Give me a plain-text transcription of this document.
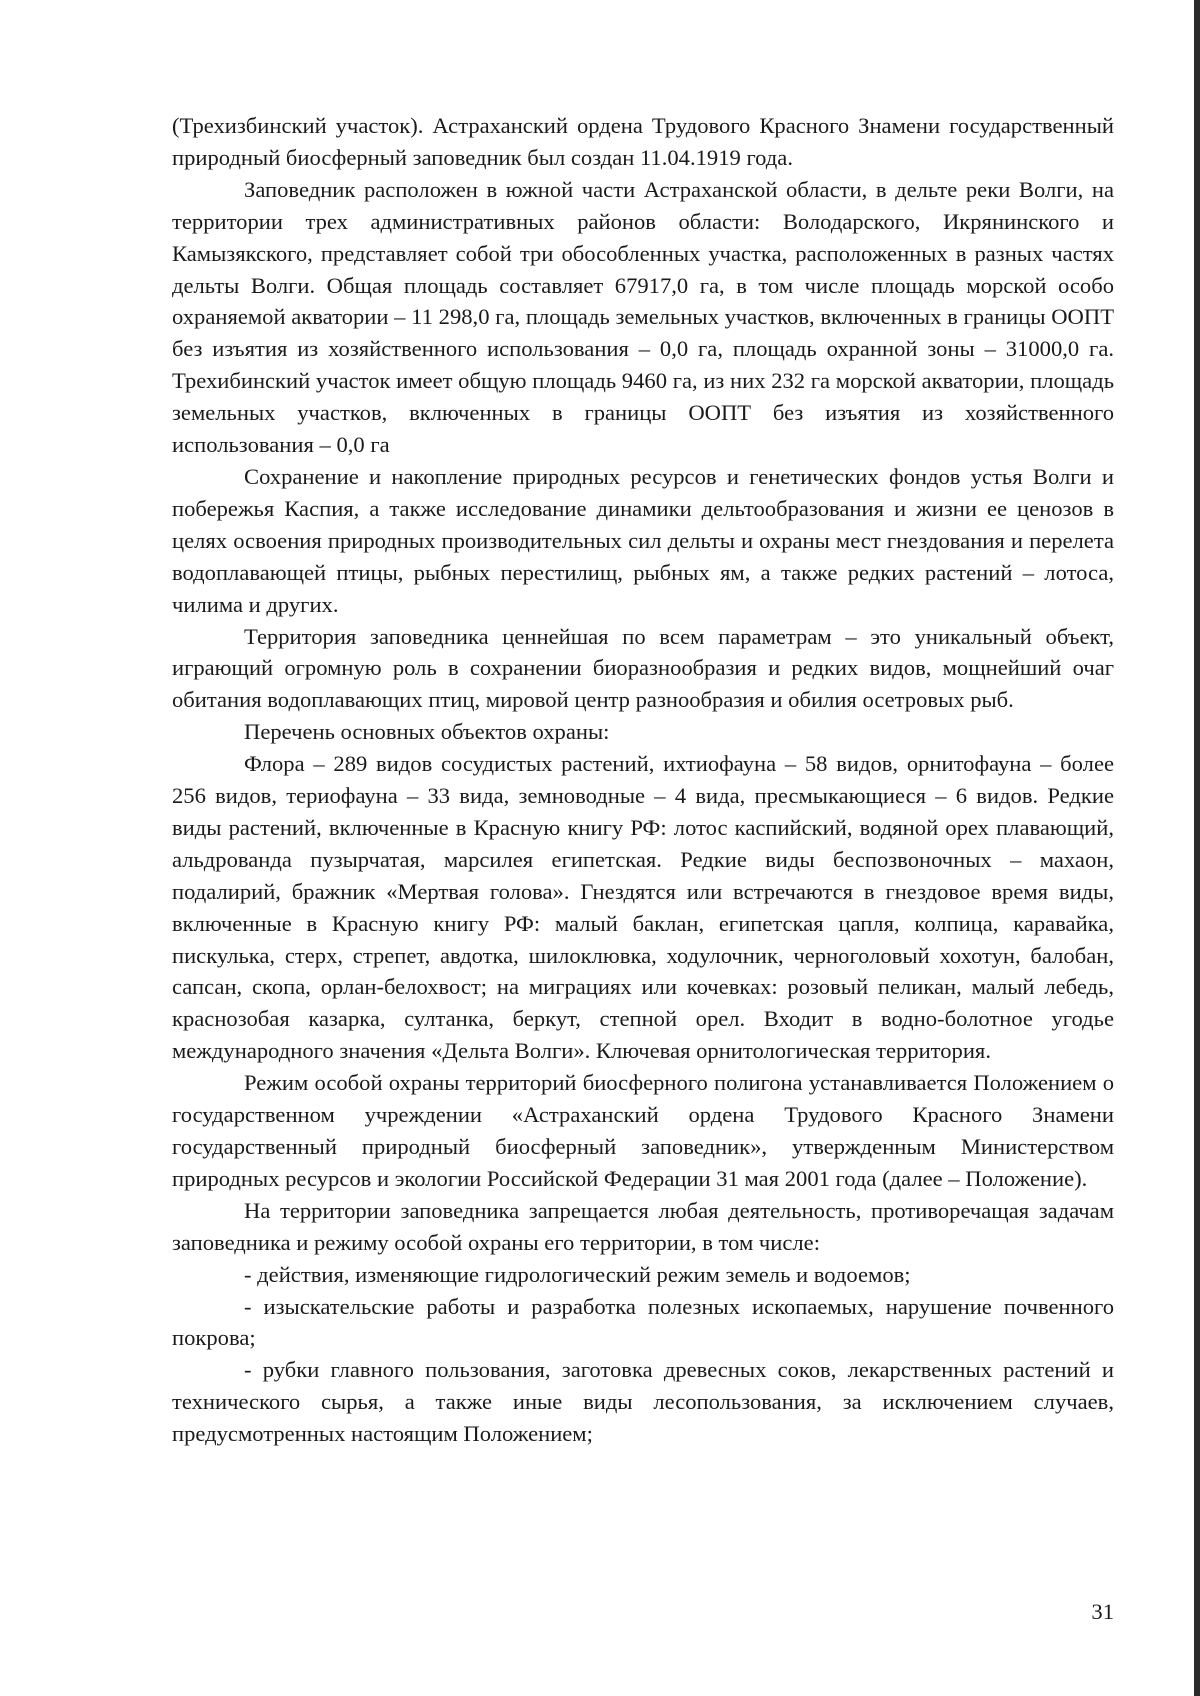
(Трехизбинский участок). Астраханский ордена Трудового Красного Знамени государственный природный биосферный заповедник был создан 11.04.1919 года.

Заповедник расположен в южной части Астраханской области, в дельте реки Волги, на территории трех административных районов области: Володарского, Икрянинского и Камызякского, представляет собой три обособленных участка, расположенных в разных частях дельты Волги. Общая площадь составляет 67917,0 га, в том числе площадь морской особо охраняемой акватории – 11 298,0 га, площадь земельных участков, включенных в границы ООПТ без изъятия из хозяйственного использования – 0,0 га, площадь охранной зоны – 31000,0 га. Трехибинский участок имеет общую площадь 9460 га, из них 232 га морской акватории, площадь земельных участков, включенных в границы ООПТ без изъятия из хозяйственного использования – 0,0 га

Сохранение и накопление природных ресурсов и генетических фондов устья Волги и побережья Каспия, а также исследование динамики дельтообразования и жизни ее ценозов в целях освоения природных производительных сил дельты и охраны мест гнездования и перелета водоплавающей птицы, рыбных перестилищ, рыбных ям, а также редких растений – лотоса, чилима и других.

Территория заповедника ценнейшая по всем параметрам – это уникальный объект, играющий огромную роль в сохранении биоразнообразия и редких видов, мощнейший очаг обитания водоплавающих птиц, мировой центр разнообразия и обилия осетровых рыб.

Перечень основных объектов охраны:

Флора – 289 видов сосудистых растений, ихтиофауна – 58 видов, орнитофауна – более 256 видов, териофауна – 33 вида, земноводные – 4 вида, пресмыкающиеся – 6 видов. Редкие виды растений, включенные в Красную книгу РФ: лотос каспийский, водяной орех плавающий, альдрованда пузырчатая, марсилея египетская. Редкие виды беспозвоночных – махаон, подалирий, бражник «Мертвая голова». Гнездятся или встречаются в гнездовое время виды, включенные в Красную книгу РФ: малый баклан, египетская цапля, колпица, каравайка, пискулька, стерх, стрепет, авдотка, шилоклювка, ходулочник, черноголовый хохотун, балобан, сапсан, скопа, орлан-белохвост; на миграциях или кочевках: розовый пеликан, малый лебедь, краснозобая казарка, султанка, беркут, степной орел. Входит в водно-болотное угодье международного значения «Дельта Волги». Ключевая орнитологическая территория.

Режим особой охраны территорий биосферного полигона устанавливается Положением о государственном учреждении «Астраханский ордена Трудового Красного Знамени государственный природный биосферный заповедник», утвержденным Министерством природных ресурсов и экологии Российской Федерации 31 мая 2001 года (далее – Положение).

На территории заповедника запрещается любая деятельность, противоречащая задачам заповедника и режиму особой охраны его территории, в том числе:

- действия, изменяющие гидрологический режим земель и водоемов;

- изыскательские работы и разработка полезных ископаемых, нарушение почвенного покрова;

- рубки главного пользования, заготовка древесных соков, лекарственных растений и технического сырья, а также иные виды лесопользования, за исключением случаев, предусмотренных настоящим Положением;

31
